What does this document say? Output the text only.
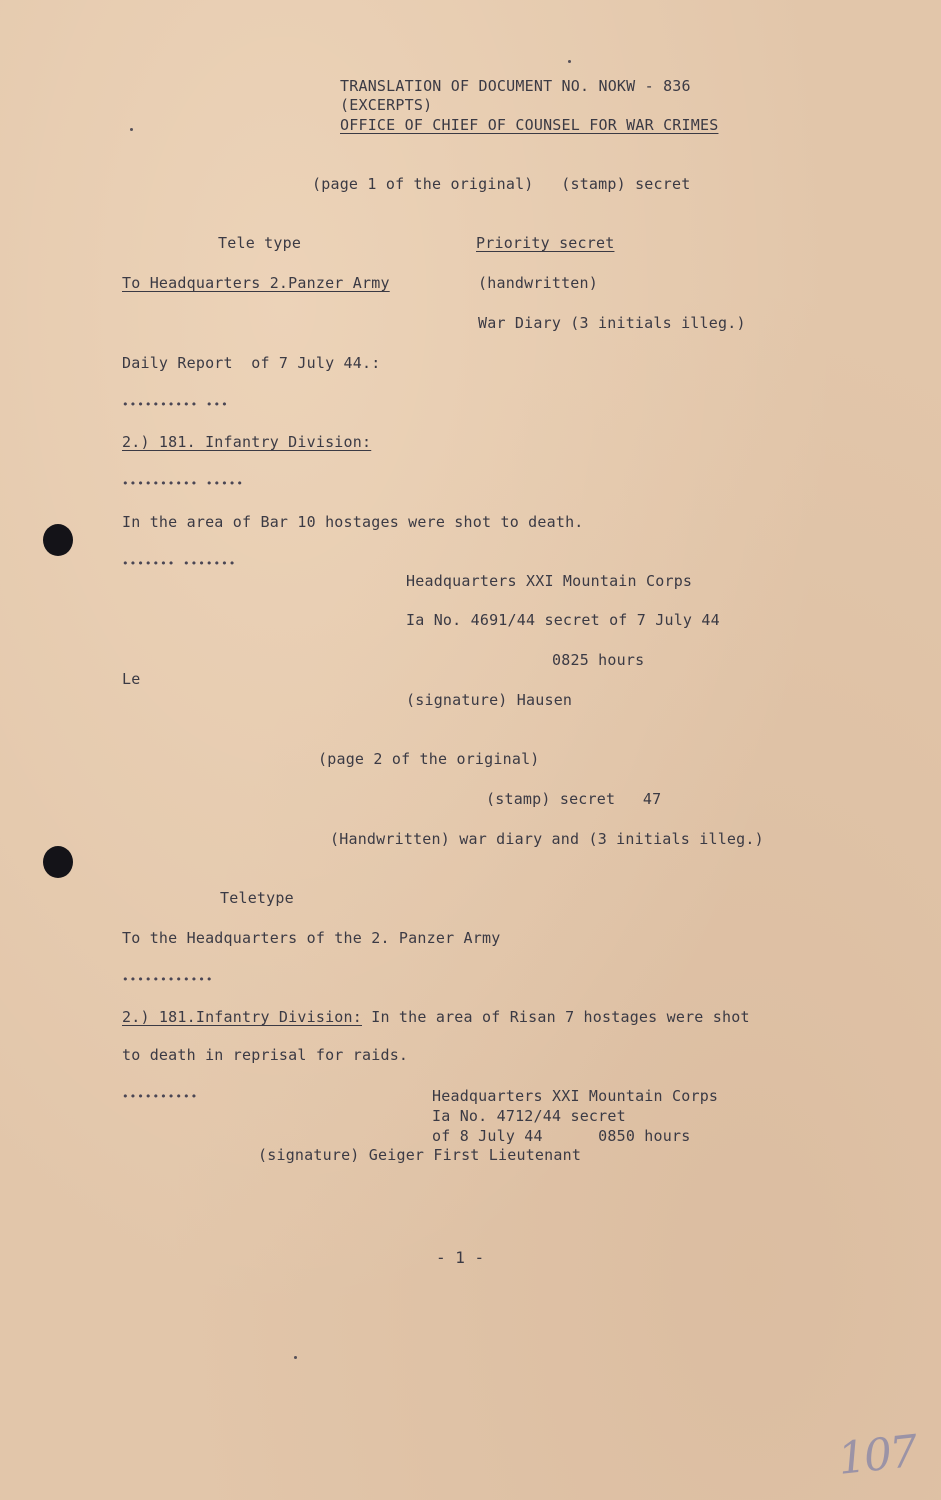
TRANSLATION OF DOCUMENT NO. NOKW - 836
(EXCERPTS)
OFFICE OF CHIEF OF COUNSEL FOR WAR CRIMES
(page 1 of the original)   (stamp) secret
Tele type	Priority secret
To Headquarters 2.Panzer Army	(handwritten)
War Diary (3 initials illeg.)
Daily Report  of 7 July 44.:
•••••••••• •••
2.) 181. Infantry Division:
•••••••••• •••••
In the area of Bar 10 hostages were shot to death.
••••••• •••••••
Headquarters XXI Mountain Corps
Ia No. 4691/44 secret of 7 July 44
0825 hours
Le
(signature) Hausen
(page 2 of the original)
(stamp) secret   47
(Handwritten) war diary and (3 initials illeg.)
Teletype
To the Headquarters of the 2. Panzer Army
••••••••••••
2.) 181.Infantry Division: In the area of Risan 7 hostages were shot
to death in reprisal for raids.
••••••••••	Headquarters XXI Mountain Corps
Ia No. 4712/44 secret
of 8 July 44      0850 hours
(signature) Geiger First Lieutenant
- 1 -
107
